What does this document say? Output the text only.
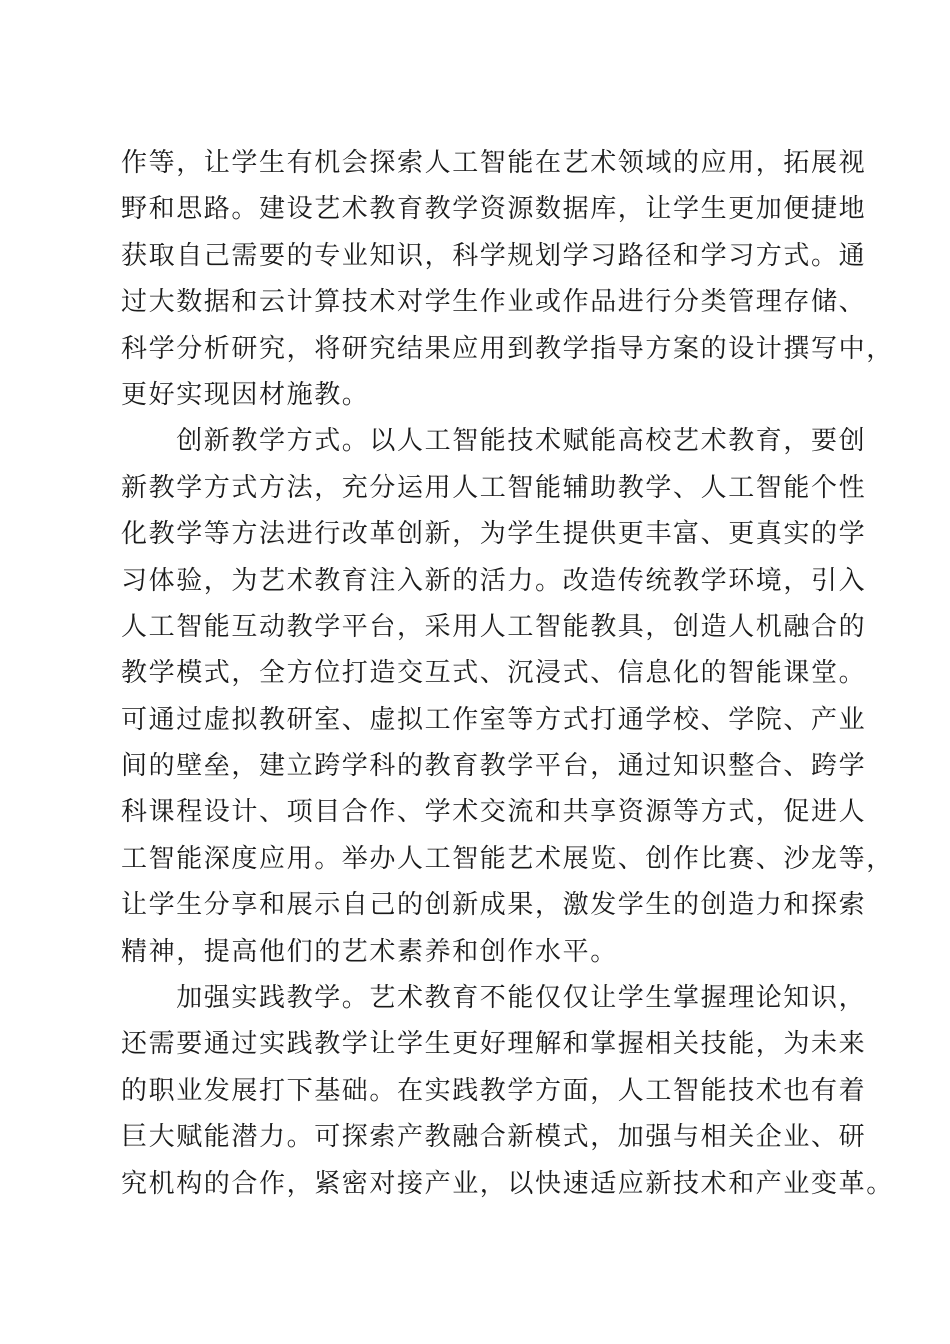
作等，让学生有机会探索人工智能在艺术领域的应用，拓展视
野和思路。建设艺术教育教学资源数据库，让学生更加便捷地
获取自己需要的专业知识，科学规划学习路径和学习方式。通
过大数据和云计算技术对学生作业或作品进行分类管理存储、
科学分析研究，将研究结果应用到教学指导方案的设计撰写中，
更好实现因材施教。
　　创新教学方式。以人工智能技术赋能高校艺术教育，要创
新教学方式方法，充分运用人工智能辅助教学、人工智能个性
化教学等方法进行改革创新，为学生提供更丰富、更真实的学
习体验，为艺术教育注入新的活力。改造传统教学环境，引入
人工智能互动教学平台，采用人工智能教具，创造人机融合的
教学模式，全方位打造交互式、沉浸式、信息化的智能课堂。
可通过虚拟教研室、虚拟工作室等方式打通学校、学院、产业
间的壁垒，建立跨学科的教育教学平台，通过知识整合、跨学
科课程设计、项目合作、学术交流和共享资源等方式，促进人
工智能深度应用。举办人工智能艺术展览、创作比赛、沙龙等，
让学生分享和展示自己的创新成果，激发学生的创造力和探索
精神，提高他们的艺术素养和创作水平。
　　加强实践教学。艺术教育不能仅仅让学生掌握理论知识，
还需要通过实践教学让学生更好理解和掌握相关技能，为未来
的职业发展打下基础。在实践教学方面，人工智能技术也有着
巨大赋能潜力。可探索产教融合新模式，加强与相关企业、研
究机构的合作，紧密对接产业，以快速适应新技术和产业变革。
